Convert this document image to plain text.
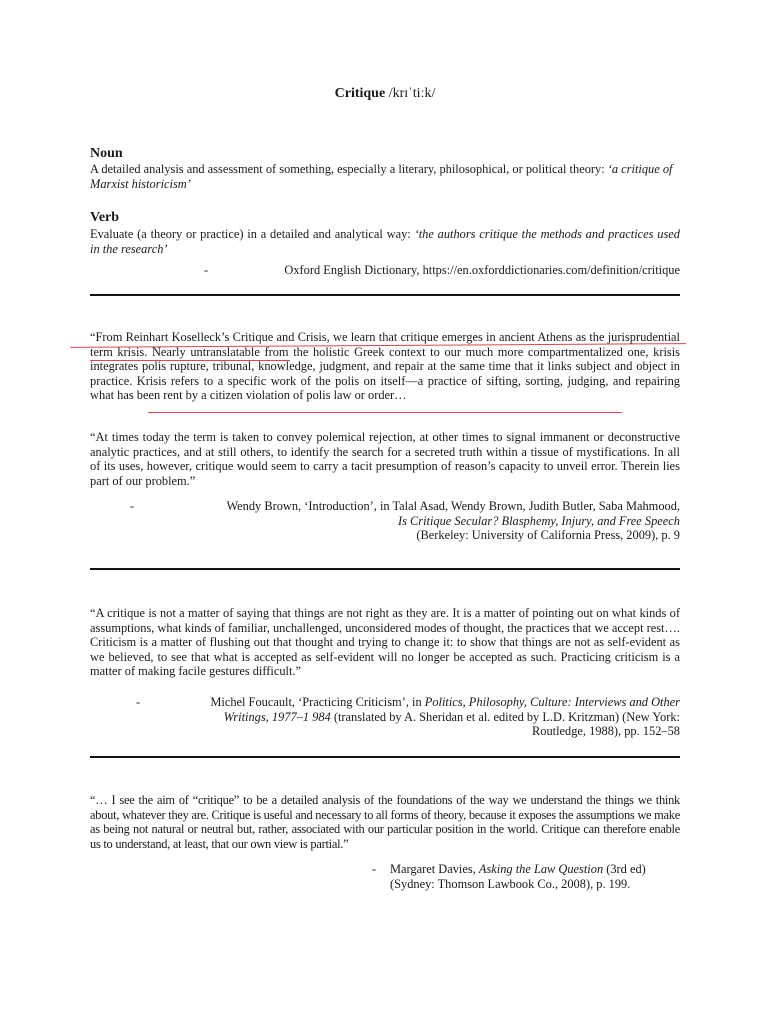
Critique /krɪˈtiːk/
Noun
A detailed analysis and assessment of something, especially a literary, philosophical, or political theory: ‘a critique of Marxist historicism’
Verb
Evaluate (a theory or practice) in a detailed and analytical way: ‘the authors critique the methods and practices used in the research’
-	Oxford English Dictionary, https://en.oxforddictionaries.com/definition/critique
“From Reinhart Koselleck’s Critique and Crisis, we learn that critique emerges in ancient Athens as the jurisprudential term krisis. Nearly untranslatable from the holistic Greek context to our much more compartmentalized one, krisis integrates polis rupture, tribunal, knowledge, judgment, and repair at the same time that it links subject and object in practice. Krisis refers to a specific work of the polis on itself—a practice of sifting, sorting, judging, and repairing what has been rent by a citizen violation of polis law or order…
“At times today the term is taken to convey polemical rejection, at other times to signal immanent or deconstructive analytic practices, and at still others, to identify the search for a secreted truth within a tissue of mystifications. In all of its uses, however, critique would seem to carry a tacit presumption of reason’s capacity to unveil error. Therein lies part of our problem.”
-	Wendy Brown, ‘Introduction’, in Talal Asad, Wendy Brown, Judith Butler, Saba Mahmood,
Is Critique Secular? Blasphemy, Injury, and Free Speech
(Berkeley: University of California Press, 2009), p. 9
“A critique is not a matter of saying that things are not right as they are. It is a matter of pointing out on what kinds of assumptions, what kinds of familiar, unchallenged, unconsidered modes of thought, the practices that we accept rest…. Criticism is a matter of flushing out that thought and trying to change it: to show that things are not as self-evident as we believed, to see that what is accepted as self-evident will no longer be accepted as such. Practicing criticism is a matter of making facile gestures difficult.”
-	Michel Foucault, ‘Practicing Criticism’, in Politics, Philosophy, Culture: Interviews and Other
Writings, 1977–1 984 (translated by A. Sheridan et al. edited by L.D. Kritzman) (New York:
Routledge, 1988), pp. 152–58
“… I see the aim of “critique” to be a detailed analysis of the foundations of the way we understand the things we think about, whatever they are. Critique is useful and necessary to all forms of theory, because it exposes the assumptions we make as being not natural or neutral but, rather, associated with our particular position in the world. Critique can therefore enable us to understand, at least, that our own view is partial.”
- Margaret Davies, Asking the Law Question (3rd ed)
(Sydney: Thomson Lawbook Co., 2008), p. 199.
